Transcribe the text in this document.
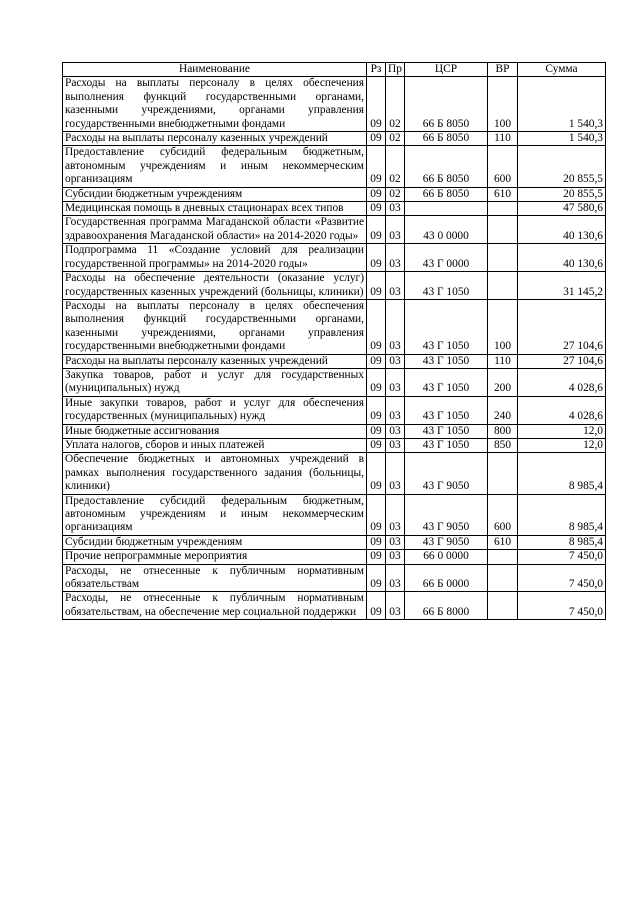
Наименование	Рз	Пр	ЦСР	ВР	Сумма
Расходы на выплаты персоналу в целях обеспечения выполнения функций государственными органами, казенными учреждениями, органами управления государственными внебюджетными фондами	09	02	66 Б 8050	100	1 540,3
Расходы на выплаты персоналу казенных учреждений	09	02	66 Б 8050	110	1 540,3
Предоставление субсидий федеральным бюджетным, автономным учреждениям и иным некоммерческим организациям	09	02	66 Б 8050	600	20 855,5
Субсидии бюджетным учреждениям	09	02	66 Б 8050	610	20 855,5
Медицинская помощь в дневных стационарах всех типов	09	03			47 580,6
Государственная программа Магаданской области «Развитие здравоохранения Магаданской области» на 2014-2020 годы»	09	03	43 0 0000		40 130,6
Подпрограмма 11 «Создание условий для реализации государственной программы» на 2014-2020 годы»	09	03	43 Г 0000		40 130,6
Расходы на обеспечение деятельности (оказание услуг) государственных казенных учреждений (больницы, клиники)	09	03	43 Г 1050		31 145,2
Расходы на выплаты персоналу в целях обеспечения выполнения функций государственными органами, казенными учреждениями, органами управления государственными внебюджетными фондами	09	03	43 Г 1050	100	27 104,6
Расходы на выплаты персоналу казенных учреждений	09	03	43 Г 1050	110	27 104,6
Закупка товаров, работ и услуг для государственных (муниципальных) нужд	09	03	43 Г 1050	200	4 028,6
Иные закупки товаров, работ и услуг для обеспечения государственных (муниципальных) нужд	09	03	43 Г 1050	240	4 028,6
Иные бюджетные ассигнования	09	03	43 Г 1050	800	12,0
Уплата налогов, сборов и иных платежей	09	03	43 Г 1050	850	12,0
Обеспечение бюджетных и автономных учреждений в рамках выполнения государственного задания (больницы, клиники)	09	03	43 Г 9050		8 985,4
Предоставление субсидий федеральным бюджетным, автономным учреждениям и иным некоммерческим организациям	09	03	43 Г 9050	600	8 985,4
Субсидии бюджетным учреждениям	09	03	43 Г 9050	610	8 985,4
Прочие непрограммные мероприятия	09	03	66 0 0000		7 450,0
Расходы, не отнесенные к публичным нормативным обязательствам	09	03	66 Б 0000		7 450,0
Расходы, не отнесенные к публичным нормативным обязательствам, на обеспечение мер социальной поддержки	09	03	66 Б 8000		7 450,0
